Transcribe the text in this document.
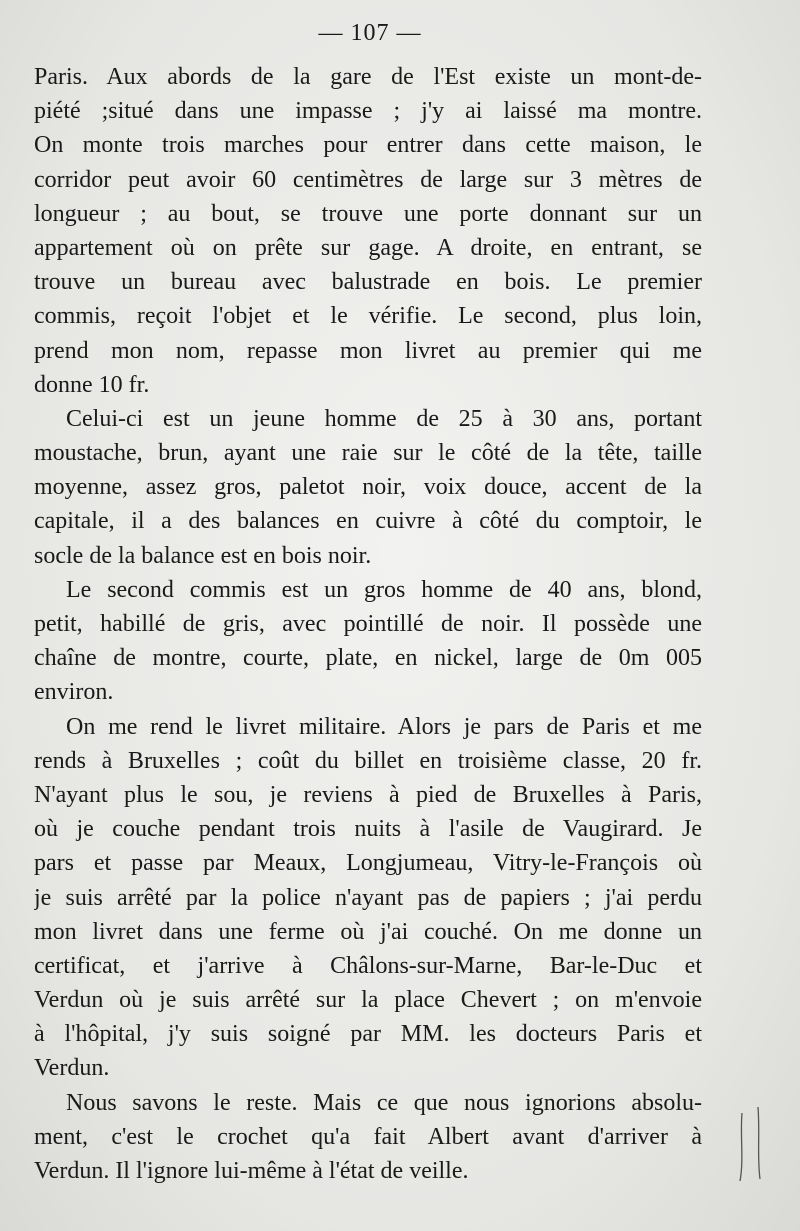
— 107 —
Paris. Aux abords de la gare de l'Est existe un mont-de-
piété ;situé dans une impasse ; j'y ai laissé ma montre.
On monte trois marches pour entrer dans cette maison, le
corridor peut avoir 60 centimètres de large sur 3 mètres de
longueur ; au bout, se trouve une porte donnant sur un
appartement où on prête sur gage. A droite, en entrant, se
trouve un bureau avec balustrade en bois. Le premier
commis, reçoit l'objet et le vérifie. Le second, plus loin,
prend mon nom, repasse mon livret au premier qui me
donne 10 fr.
Celui-ci est un jeune homme de 25 à 30 ans, portant
moustache, brun, ayant une raie sur le côté de la tête, taille
moyenne, assez gros, paletot noir, voix douce, accent de la
capitale, il a des balances en cuivre à côté du comptoir, le
socle de la balance est en bois noir.
Le second commis est un gros homme de 40 ans, blond,
petit, habillé de gris, avec pointillé de noir. Il possède une
chaîne de montre, courte, plate, en nickel, large de 0m 005
environ.
On me rend le livret militaire. Alors je pars de Paris et me
rends à Bruxelles ; coût du billet en troisième classe, 20 fr.
N'ayant plus le sou, je reviens à pied de Bruxelles à Paris,
où je couche pendant trois nuits à l'asile de Vaugirard. Je
pars et passe par Meaux, Longjumeau, Vitry-le-François où
je suis arrêté par la police n'ayant pas de papiers ; j'ai perdu
mon livret dans une ferme où j'ai couché. On me donne un
certificat, et j'arrive à Châlons-sur-Marne, Bar-le-Duc et
Verdun où je suis arrêté sur la place Chevert ; on m'envoie
à l'hôpital, j'y suis soigné par MM. les docteurs Paris et
Verdun.
Nous savons le reste. Mais ce que nous ignorions absolu-
ment, c'est le crochet qu'a fait Albert avant d'arriver à
Verdun. Il l'ignore lui-même à l'état de veille.
